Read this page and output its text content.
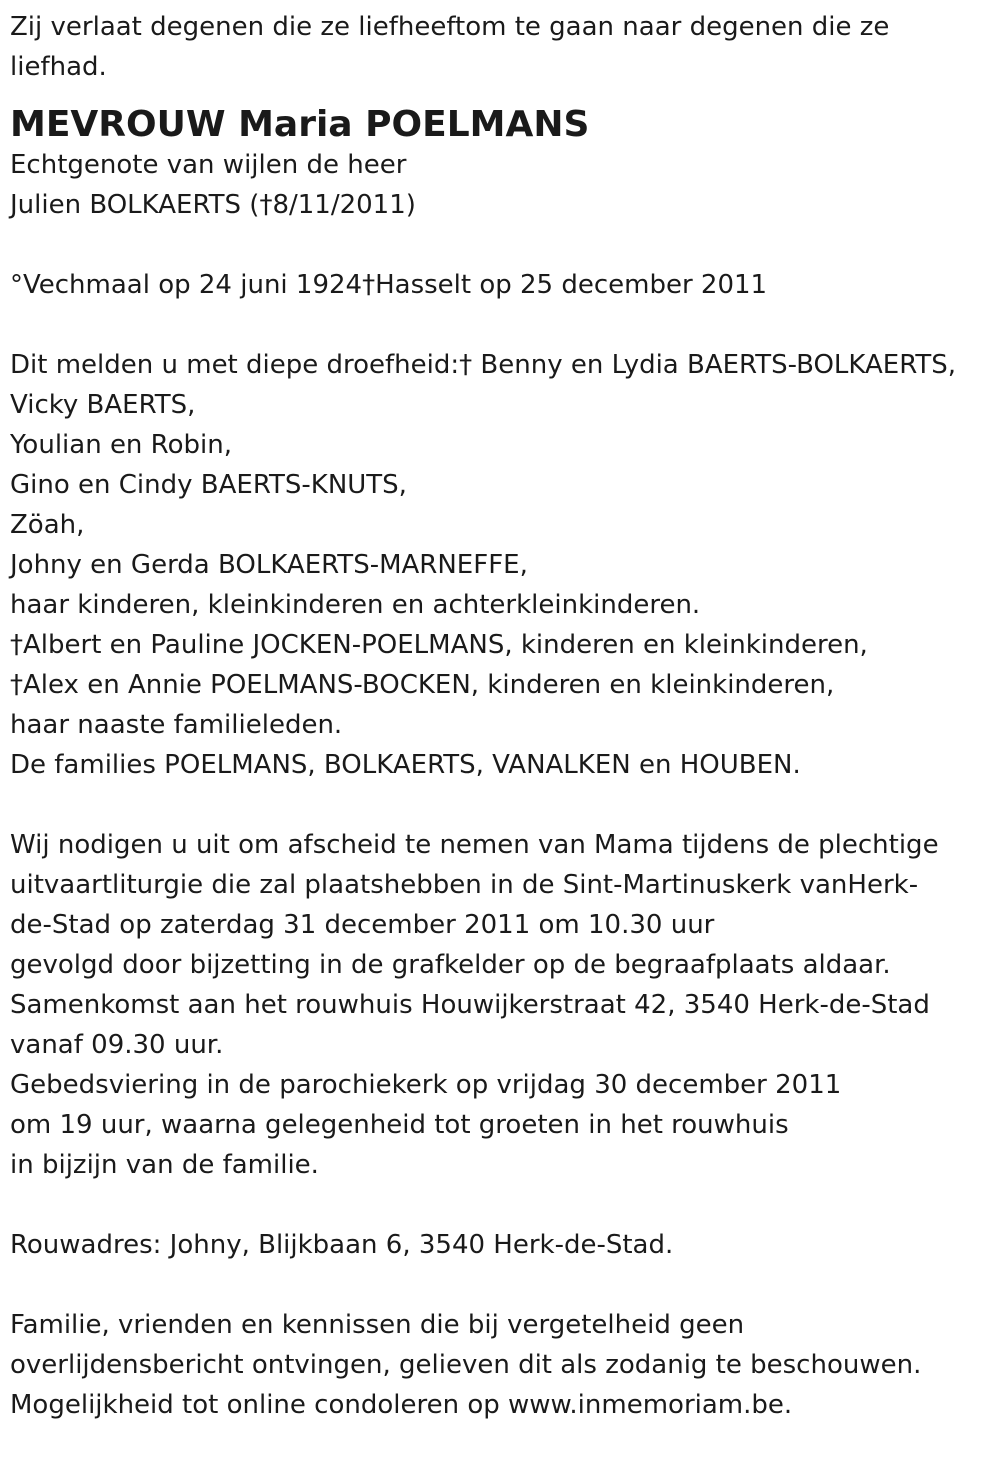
Zij verlaat degenen die ze liefheeftom te gaan naar degenen die ze
liefhad.
MEVROUW Maria POELMANS
Echtgenote van wijlen de heer
Julien BOLKAERTS (†8/11/2011)
°Vechmaal op 24 juni 1924†Hasselt op 25 december 2011
Dit melden u met diepe droefheid:† Benny en Lydia BAERTS-BOLKAERTS,
Vicky BAERTS,
Youlian en Robin,
Gino en Cindy BAERTS-KNUTS,
Zöah,
Johny en Gerda BOLKAERTS-MARNEFFE,
haar kinderen, kleinkinderen en achterkleinkinderen.
†Albert en Pauline JOCKEN-POELMANS, kinderen en kleinkinderen,
†Alex en Annie POELMANS-BOCKEN, kinderen en kleinkinderen,
haar naaste familieleden.
De families POELMANS, BOLKAERTS, VANALKEN en HOUBEN.
Wij nodigen u uit om afscheid te nemen van Mama tijdens de plechtige
uitvaartliturgie die zal plaatshebben in de Sint-Martinuskerk vanHerk-
de-Stad op zaterdag 31 december 2011 om 10.30 uur
gevolgd door bijzetting in de grafkelder op de begraafplaats aldaar.
Samenkomst aan het rouwhuis Houwijkerstraat 42, 3540 Herk-de-Stad
vanaf 09.30 uur.
Gebedsviering in de parochiekerk op vrijdag 30 december 2011
om 19 uur, waarna gelegenheid tot groeten in het rouwhuis
in bijzijn van de familie.
Rouwadres: Johny, Blijkbaan 6, 3540 Herk-de-Stad.
Familie, vrienden en kennissen die bij vergetelheid geen
overlijdensbericht ontvingen, gelieven dit als zodanig te beschouwen.
Mogelijkheid tot online condoleren op www.inmemoriam.be.
